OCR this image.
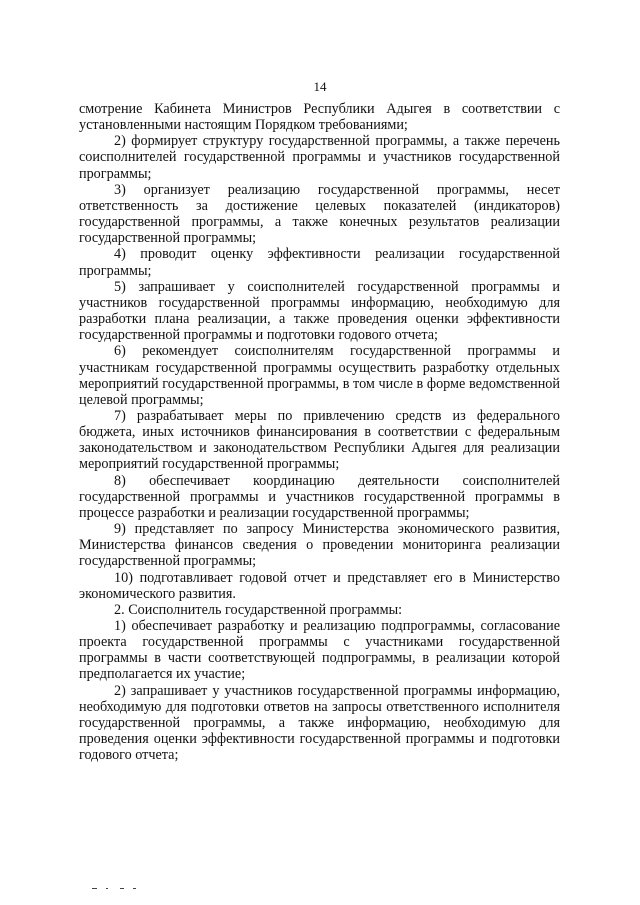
14

смотрение Кабинета Министров Республики Адыгея в соответствии с установленными настоящим Порядком требованиями;

2) формирует структуру государственной программы, а также перечень соисполнителей государственной программы и участников государственной программы;

3) организует реализацию государственной программы, несет ответственность за достижение целевых показателей (индикаторов) государственной программы, а также конечных результатов реализации государственной программы;

4) проводит оценку эффективности реализации государственной программы;

5) запрашивает у соисполнителей государственной программы и участников государственной программы информацию, необходимую для разработки плана реализации, а также проведения оценки эффективности государственной программы и подготовки годового отчета;

6) рекомендует соисполнителям государственной программы и участникам государственной программы осуществить разработку отдельных мероприятий государственной программы, в том числе в форме ведомственной целевой программы;

7) разрабатывает меры по привлечению средств из федерального бюджета, иных источников финансирования в соответствии с федеральным законодательством и законодательством Республики Адыгея для реализации мероприятий государственной программы;

8) обеспечивает координацию деятельности соисполнителей государственной программы и участников государственной программы в процессе разработки и реализации государственной программы;

9) представляет по запросу Министерства экономического развития, Министерства финансов сведения о проведении мониторинга реализации государственной программы;

10) подготавливает годовой отчет и представляет его в Министерство экономического развития.

2. Соисполнитель государственной программы:

1) обеспечивает разработку и реализацию подпрограммы, согласование проекта государственной программы с участниками государственной программы в части соответствующей подпрограммы, в реализации которой предполагается их участие;

2) запрашивает у участников государственной программы информацию, необходимую для подготовки ответов на запросы ответственного исполнителя государственной программы, а также информацию, необходимую для проведения оценки эффективности государственной программы и подготовки годового отчета;
